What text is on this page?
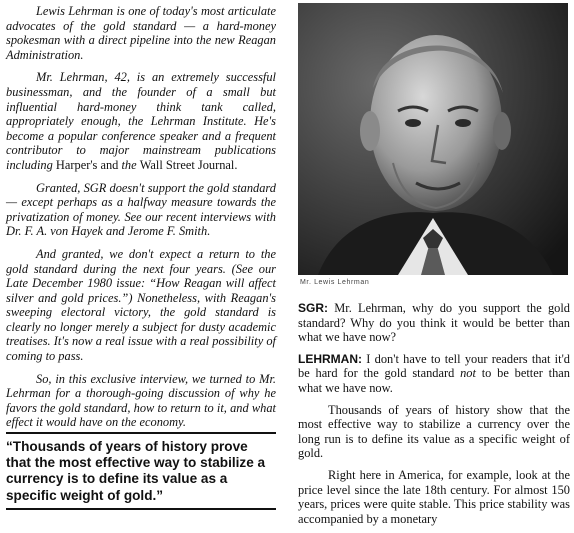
Lewis Lehrman is one of today's most articulate advocates of the gold standard — a hard-money spokesman with a direct pipeline into the new Reagan Administration.

Mr. Lehrman, 42, is an extremely successful businessman, and the founder of a small but influential hard-money think tank called, appropriately enough, the Lehrman Institute. He's become a popular conference speaker and a frequent contributor to major mainstream publications including Harper's and the Wall Street Journal.

Granted, SGR doesn't support the gold standard — except perhaps as a halfway measure towards the privatization of money. See our recent interviews with Dr. F. A. von Hayek and Jerome F. Smith.

And granted, we don't expect a return to the gold standard during the next four years. (See our Late December 1980 issue: “How Reagan will affect silver and gold prices.”) Nonetheless, with Reagan's sweeping electoral victory, the gold standard is clearly no longer merely a subject for dusty academic treatises. It's now a real issue with a real possibility of coming to pass.

So, in this exclusive interview, we turned to Mr. Lehrman for a thorough-going discussion of why he favors the gold standard, how to return to it, and what effect it would have on the economy.

“Thousands of years of history prove that the most effective way to stabilize a currency is to define its value as a specific weight of gold.”

Mr. Lewis Lehrman

SGR: Mr. Lehrman, why do you support the gold standard? Why do you think it would be better than what we have now?

LEHRMAN: I don't have to tell your readers that it'd be hard for the gold standard not to be better than what we have now.

Thousands of years of history show that the most effective way to stabilize a currency over the long run is to define its value as a specific weight of gold.

Right here in America, for example, look at the price level since the late 18th century. For almost 150 years, prices were quite stable. This price stability was accompanied by a monetary
